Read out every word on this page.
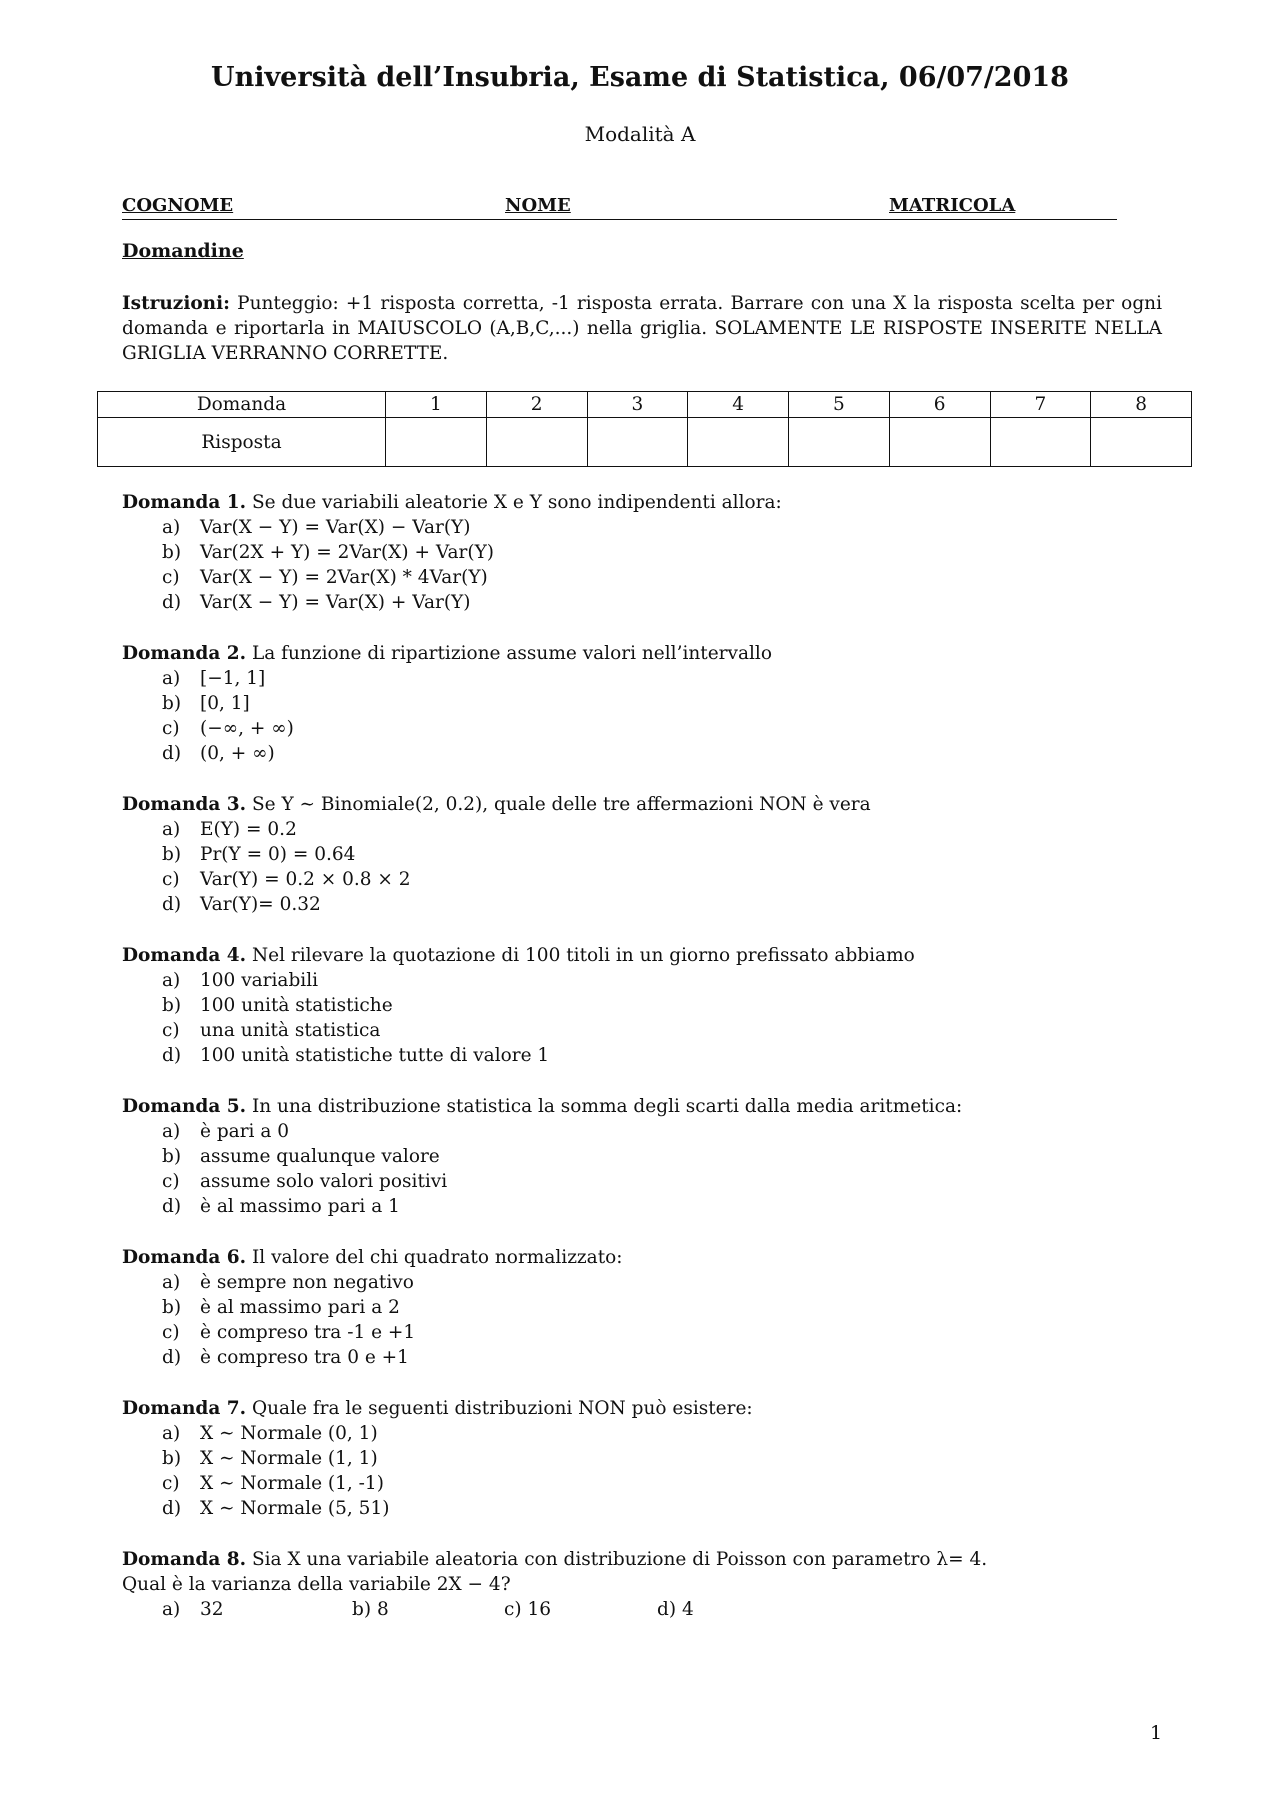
Università dell’Insubria, Esame di Statistica, 06/07/2018
Modalità A
COGNOME	NOME	MATRICOLA
Domandine
Istruzioni: Punteggio: +1 risposta corretta, -1 risposta errata. Barrare con una X la risposta scelta per ogni domanda e riportarla in MAIUSCOLO (A,B,C,...) nella griglia. SOLAMENTE LE RISPOSTE INSERITE NELLA GRIGLIA VERRANNO CORRETTE.
Domanda	1	2	3	4	5	6	7	8
Risposta								
Domanda 1. Se due variabili aleatorie X e Y sono indipendenti allora:
a) Var(X − Y) = Var(X) − Var(Y)

b) Var(2X + Y) = 2Var(X) + Var(Y)

c) Var(X − Y) = 2Var(X) * 4Var(Y)

d) Var(X − Y) = Var(X) + Var(Y)

Domanda 2. La funzione di ripartizione assume valori nell’intervallo
a) [−1, 1]

b) [0, 1]

c) (−∞, + ∞)

d) (0, + ∞)

Domanda 3. Se Y ∼ Binomiale(2, 0.2), quale delle tre affermazioni NON è vera
a) E(Y) = 0.2

b) Pr(Y = 0) = 0.64

c) Var(Y) = 0.2 × 0.8 × 2

d) Var(Y)= 0.32

Domanda 4. Nel rilevare la quotazione di 100 titoli in un giorno prefissato abbiamo
a) 100 variabili

b) 100 unità statistiche

c) una unità statistica

d) 100 unità statistiche tutte di valore 1

Domanda 5. In una distribuzione statistica la somma degli scarti dalla media aritmetica:
a) è pari a 0

b) assume qualunque valore

c) assume solo valori positivi

d) è al massimo pari a 1

Domanda 6. Il valore del chi quadrato normalizzato:
a) è sempre non negativo

b) è al massimo pari a 2

c) è compreso tra -1 e +1

d) è compreso tra 0 e +1

Domanda 7. Quale fra le seguenti distribuzioni NON può esistere:
a) X ∼ Normale (0, 1)

b) X ∼ Normale (1, 1)

c) X ∼ Normale (1, -1)

d) X ∼ Normale (5, 51)

Domanda 8. Sia X una variabile aleatoria con distribuzione di Poisson con parametro λ= 4.
Qual è la varianza della variabile 2X − 4?
a) 32	b) 8	c) 16	d) 4
1
